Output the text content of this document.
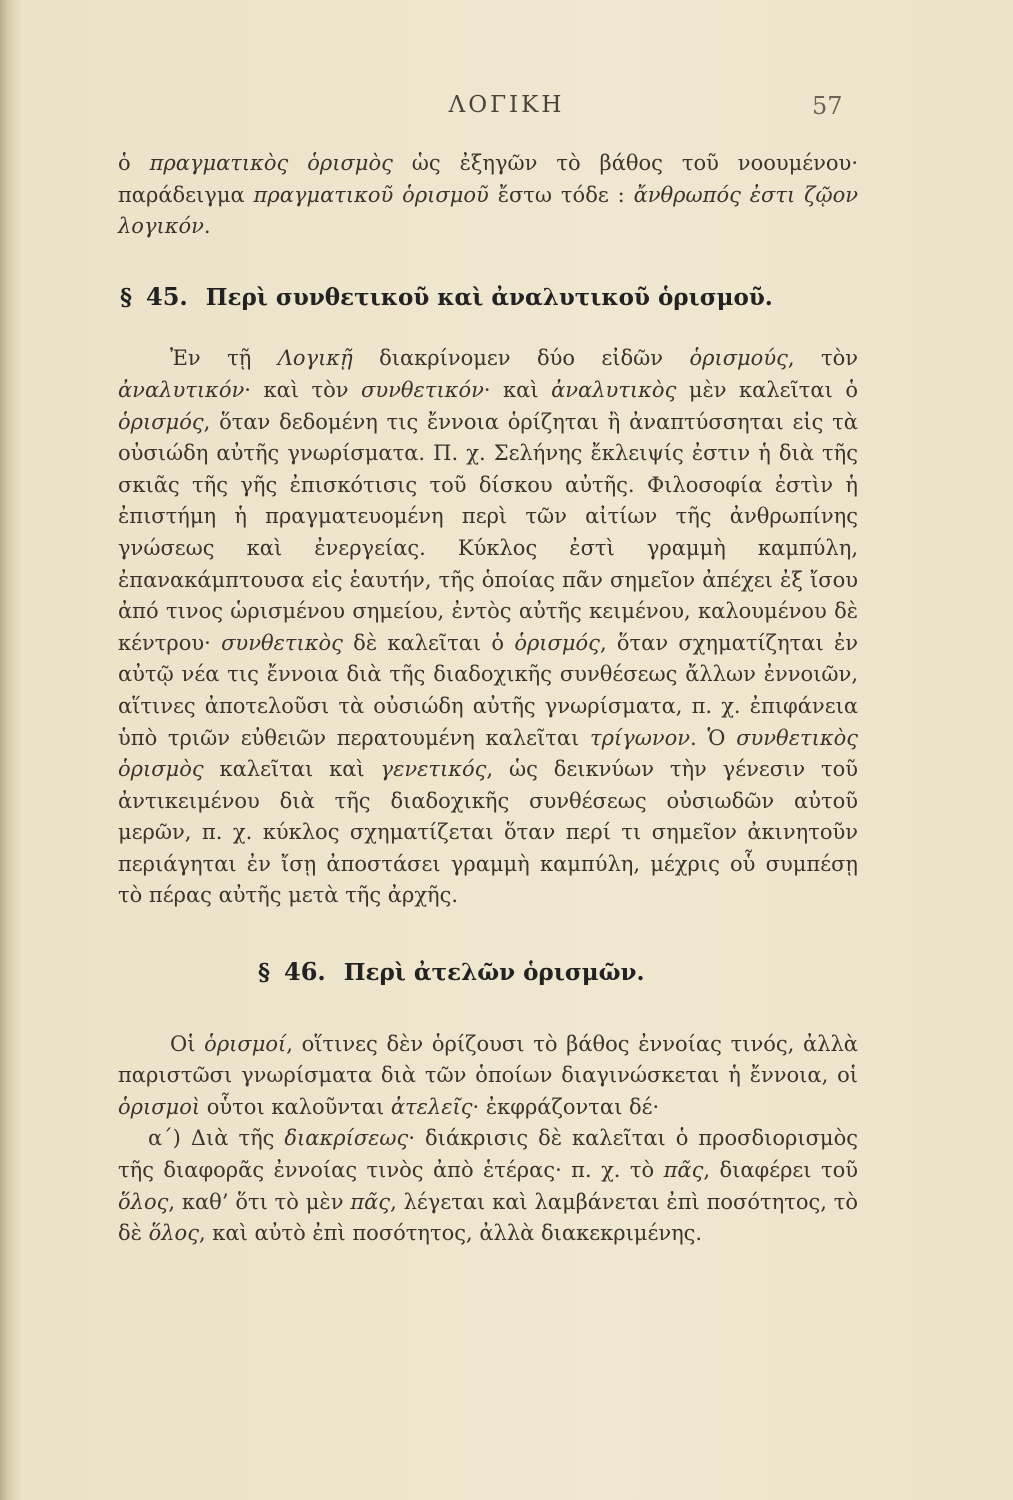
ΛΟΓΙΚΗ	57

ὁ πραγματικὸς ὁρισμὸς ὡς ἐξηγῶν τὸ βάθος τοῦ νοουμένου· παράδειγμα πραγματικοῦ ὁρισμοῦ ἔστω τόδε : ἄνθρωπός ἐστι ζῷον λογικόν.

§ 45. Περὶ συνθετικοῦ καὶ ἀναλυτικοῦ ὁρισμοῦ.

Ἐν τῇ Λογικῇ διακρίνομεν δύο εἰδῶν ὁρισμούς, τὸν ἀναλυτικόν· καὶ τὸν συνθετικόν· καὶ ἀναλυτικὸς μὲν καλεῖται ὁ ὁρισμός, ὅταν δεδομένη τις ἔννοια ὁρίζηται ἢ ἀναπτύσσηται εἰς τὰ οὐσιώδη αὐτῆς γνωρίσματα. Π. χ. Σελήνης ἔκλειψίς ἐστιν ἡ διὰ τῆς σκιᾶς τῆς γῆς ἐπισκότισις τοῦ δίσκου αὐτῆς. Φιλοσοφία ἐστὶν ἡ ἐπιστήμη ἡ πραγματευομένη περὶ τῶν αἰτίων τῆς ἀνθρωπίνης γνώσεως καὶ ἐνεργείας. Κύκλος ἐστὶ γραμμὴ καμπύλη, ἐπανακάμπτουσα εἰς ἑαυτήν, τῆς ὁποίας πᾶν σημεῖον ἀπέχει ἐξ ἴσου ἀπό τινος ὡρισμένου σημείου, ἐντὸς αὐτῆς κειμένου, καλουμένου δὲ κέντρου· συνθετικὸς δὲ καλεῖται ὁ ὁρισμός, ὅταν σχηματίζηται ἐν αὐτῷ νέα τις ἔννοια διὰ τῆς διαδοχικῆς συνθέσεως ἄλλων ἐννοιῶν, αἵτινες ἀποτελοῦσι τὰ οὐσιώδη αὐτῆς γνωρίσματα, π. χ. ἐπιφάνεια ὑπὸ τριῶν εὐθειῶν περατουμένη καλεῖται τρίγωνον. Ὁ συνθετικὸς ὁρισμὸς καλεῖται καὶ γενετικός, ὡς δεικνύων τὴν γένεσιν τοῦ ἀντικειμένου διὰ τῆς διαδοχικῆς συνθέσεως οὐσιωδῶν αὐτοῦ μερῶν, π. χ. κύκλος σχηματίζεται ὅταν περί τι σημεῖον ἀκινητοῦν περιάγηται ἐν ἴσῃ ἀποστάσει γραμμὴ καμπύλη, μέχρις οὗ συμπέσῃ τὸ πέρας αὐτῆς μετὰ τῆς ἀρχῆς.

§ 46. Περὶ ἀτελῶν ὁρισμῶν.

Οἱ ὁρισμοί, οἵτινες δὲν ὁρίζουσι τὸ βάθος ἐννοίας τινός, ἀλλὰ παριστῶσι γνωρίσματα διὰ τῶν ὁποίων διαγινώσκεται ἡ ἔννοια, οἱ ὁρισμοὶ οὗτοι καλοῦνται ἀτελεῖς· ἐκφράζονται δέ·

α΄) Διὰ τῆς διακρίσεως· διάκρισις δὲ καλεῖται ὁ προσδιορισμὸς τῆς διαφορᾶς ἐννοίας τινὸς ἀπὸ ἑτέρας· π. χ. τὸ πᾶς, διαφέρει τοῦ ὅλος, καθ’ ὅτι τὸ μὲν πᾶς, λέγεται καὶ λαμβάνεται ἐπὶ ποσότητος, τὸ δὲ ὅλος, καὶ αὐτὸ ἐπὶ ποσότητος, ἀλλὰ διακεκριμένης.
